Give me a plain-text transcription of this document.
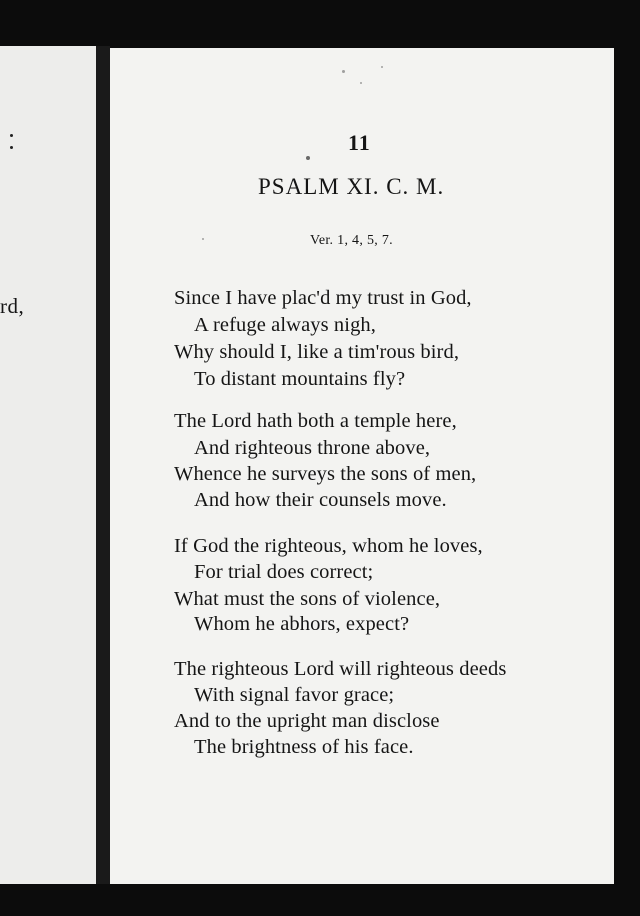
rd,
11
PSALM XI. C. M.
Ver. 1, 4, 5, 7.
Since I have plac'd my trust in God,
A refuge always nigh,
Why should I, like a tim'rous bird,
To distant mountains fly?
The Lord hath both a temple here,
And righteous throne above,
Whence he surveys the sons of men,
And how their counsels move.
If God the righteous, whom he loves,
For trial does correct;
What must the sons of violence,
Whom he abhors, expect?
The righteous Lord will righteous deeds
With signal favor grace;
And to the upright man disclose
The brightness of his face.
